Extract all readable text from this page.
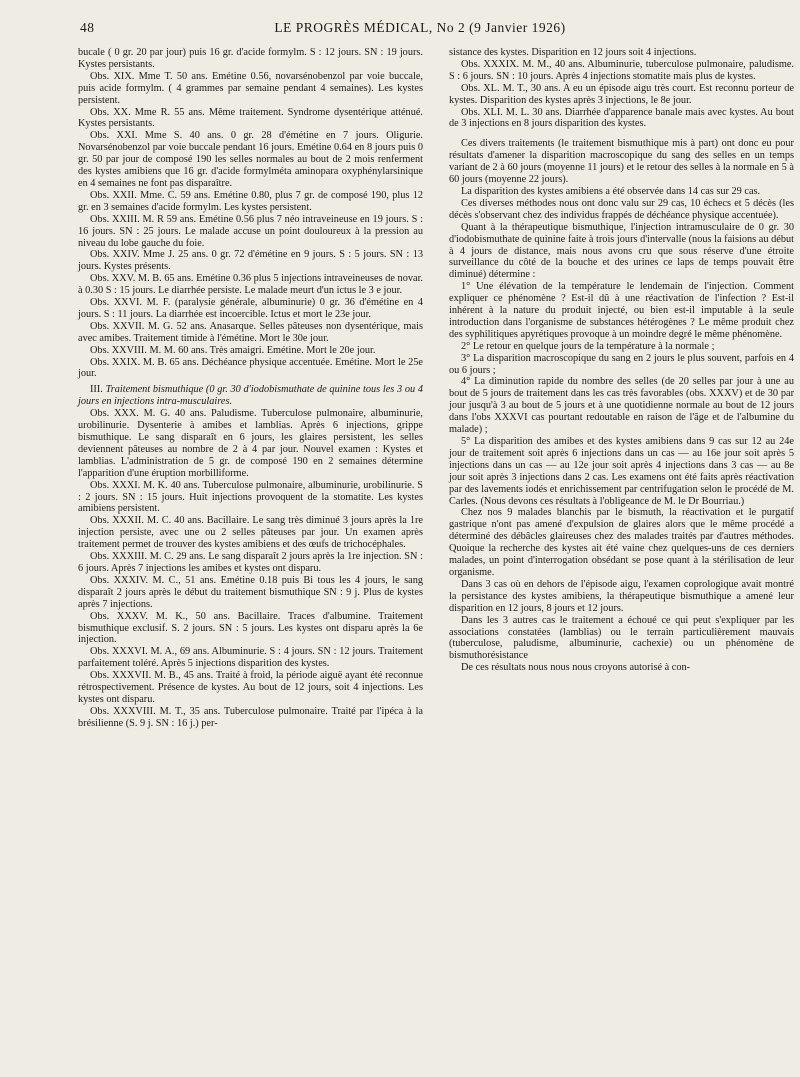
48	LE PROGRÈS MÉDICAL, No 2 (9 Janvier 1926)

bucale ( 0 gr. 20 par jour) puis 16 gr. d'acide formylm. S : 12 jours. SN : 19 jours. Kystes persistants.

Obs. XIX. Mme T. 50 ans. Emétine 0.56, novarsénobenzol par voie buccale, puis acide formylm. ( 4 grammes par semaine pendant 4 semaines). Les kystes persistent.

Obs. XX. Mme R. 55 ans. Même traitement. Syndrome dysentérique atténué. Kystes persistants.

Obs. XXI. Mme S. 40 ans. 0 gr. 28 d'émétine en 7 jours. Oligurie. Novarsénobenzol par voie buccale pendant 16 jours. Emétine 0.64 en 8 jours puis 0 gr. 50 par jour de composé 190 les selles normales au bout de 2 mois renferment des kystes amibiens que 16 gr. d'acide formylméta aminopara oxyphénylarsinique en 4 semaines ne font pas disparaître.

Obs. XXII. Mme. C. 59 ans. Emétine 0.80, plus 7 gr. de composé 190, plus 12 gr. en 3 semaines d'acide formylm. Les kystes persistent.

Obs. XXIII. M. R 59 ans. Emétine 0.56 plus 7 néo intraveineuse en 19 jours. S : 16 jours. SN : 25 jours. Le malade accuse un point douloureux à la pression au niveau du lobe gauche du foie.

Obs. XXIV. Mme J. 25 ans. 0 gr. 72 d'émétine en 9 jours. S : 5 jours. SN : 13 jours. Kystes présents.

Obs. XXV. M. B. 65 ans. Emétine 0.36 plus 5 injections intraveineuses de novar. à 0.30 S : 15 jours. Le diarrhée persiste. Le malade meurt d'un ictus le 3 e jour.

Obs. XXVI. M. F. (paralysie générale, albuminurie) 0 gr. 36 d'émétine en 4 jours. S : 11 jours. La diarrhée est incoercible. Ictus et mort le 23e jour.

Obs. XXVII. M. G. 52 ans. Anasarque. Selles pâteuses non dysentérique, mais avec amibes. Traitement timide à l'émétine. Mort le 30e jour.

Obs. XXVIII. M. M. 60 ans. Très amaigri. Emétine. Mort le 20e jour.

Obs. XXIX. M. B. 65 ans. Déchéance physique accentuée. Emétine. Mort le 25e jour.

III. Traitement bismuthique (0 gr. 30 d'iodobismuthate de quinine tous les 3 ou 4 jours en injections intra-musculaires.

Obs. XXX. M. G. 40 ans. Paludisme. Tuberculose pulmonaire, albuminurie, urobilinurie. Dysenterie à amibes et lamblias. Après 6 injections, grippe bismuthique. Le sang disparaît en 6 jours, les glaires persistent, les selles deviennent pâteuses au nombre de 2 à 4 par jour. Nouvel examen : Kystes et lamblias. L'administration de 5 gr. de composé 190 en 2 semaines détermine l'apparition d'une éruption morbilliforme.

Obs. XXXI. M. K. 40 ans. Tuberculose pulmonaire, albuminurie, urobilinurie. S : 2 jours. SN : 15 jours. Huit injections provoquent de la stomatite. Les kystes amibiens persistent.

Obs. XXXII. M. C. 40 ans. Bacillaire. Le sang très diminué 3 jours après la 1re injection persiste, avec une ou 2 selles pâteuses par jour. Un examen après traitement permet de trouver des kystes amibiens et des œufs de trichocéphales.

Obs. XXXIII. M. C. 29 ans. Le sang disparaît 2 jours après la 1re injection. SN : 6 jours. Après 7 injections les amibes et kystes ont disparu.

Obs. XXXIV. M. C., 51 ans. Emétine 0.18 puis Bi tous les 4 jours, le sang disparaît 2 jours après le début du traitement bismuthique SN : 9 j. Plus de kystes après 7 injections.

Obs. XXXV. M. K., 50 ans. Bacillaire. Traces d'albumine. Traitement bismuthique exclusif. S. 2 jours. SN : 5 jours. Les kystes ont disparu après la 6e injection.

Obs. XXXVI. M. A., 69 ans. Albuminurie. S : 4 jours. SN : 12 jours. Traitement parfaitement toléré. Après 5 injections disparition des kystes.

Obs. XXXVII. M. B., 45 ans. Traité à froid, la période aiguë ayant été reconnue rétrospectivement. Présence de kystes. Au bout de 12 jours, soit 4 injections. Les kystes ont disparu.

Obs. XXXVIII. M. T., 35 ans. Tuberculose pulmonaire. Traité par l'ipéca à la brésilienne (S. 9 j. SN : 16 j.) per-

sistance des kystes. Disparition en 12 jours soit 4 injections.

Obs. XXXIX. M. M., 40 ans. Albuminurie, tuberculose pulmonaire, paludisme. S : 6 jours. SN : 10 jours. Après 4 injections stomatite mais plus de kystes.

Obs. XL. M. T., 30 ans. A eu un épisode aigu très court. Est reconnu porteur de kystes. Disparition des kystes après 3 injections, le 8e jour.

Obs. XLI. M. L. 30 ans. Diarrhée d'apparence banale mais avec kystes. Au bout de 3 injections en 8 jours disparition des kystes.

Ces divers traitements (le traitement bismuthique mis à part) ont donc eu pour résultats d'amener la disparition macroscopique du sang des selles en un temps variant de 2 à 60 jours (moyenne 11 jours) et le retour des selles à la normale en 5 à 60 jours (moyenne 22 jours).

La disparition des kystes amibiens a été observée dans 14 cas sur 29 cas.

Ces diverses méthodes nous ont donc valu sur 29 cas, 10 échecs et 5 décès (les décès s'observant chez des individus frappés de déchéance physique accentuée).

Quant à la thérapeutique bismuthique, l'injection intramusculaire de 0 gr. 30 d'iodobismuthate de quinine faite à trois jours d'intervalle (nous la faisions au début à 4 jours de distance, mais nous avons cru que sous réserve d'une étroite surveillance du côté de la bouche et des urines ce laps de temps pouvait être diminué) détermine :

1° Une élévation de la température le lendemain de l'injection. Comment expliquer ce phénomène ? Est-il dû à une réactivation de l'infection ? Est-il inhérent à la nature du produit injecté, ou bien est-il imputable à la seule introduction dans l'organisme de substances hétérogènes ? Le même produit chez des syphilitiques apyrétiques provoque à un moindre degré le même phénomène.

2° Le retour en quelque jours de la température à la normale ;

3° La disparition macroscopique du sang en 2 jours le plus souvent, parfois en 4 ou 6 jours ;

4° La diminution rapide du nombre des selles (de 20 selles par jour à une au bout de 5 jours de traitement dans les cas très favorables (obs. XXXV) et de 30 par jour jusqu'à 3 au bout de 5 jours et à une quotidienne normale au bout de 12 jours dans l'obs XXXVI cas pourtant redoutable en raison de l'âge et de l'albumine du malade) ;

5° La disparition des amibes et des kystes amibiens dans 9 cas sur 12 au 24e jour de traitement soit après 6 injections dans un cas — au 16e jour soit après 5 injections dans un cas — au 12e jour soit après 4 injections dans 3 cas — au 8e jour soit après 3 injections dans 2 cas. Les examens ont été faits après réactivation par des lavements iodés et enrichissement par centrifugation selon le procédé de M. Carles. (Nous devons ces résultats à l'obligeance de M. le Dr Bourriau.)

Chez nos 9 malades blanchis par le bismuth, la réactivation et le purgatif gastrique n'ont pas amené d'expulsion de glaires alors que le même procédé a déterminé des débâcles glaireuses chez des malades traités par d'autres méthodes. Quoique la recherche des kystes ait été vaine chez quelques-uns de ces derniers malades, un point d'interrogation obsédant se pose quant à la stérilisation de leur organisme.

Dans 3 cas où en dehors de l'épisode aigu, l'examen coprologique avait montré la persistance des kystes amibiens, la thérapeutique bismuthique a amené leur disparition en 12 jours, 8 jours et 12 jours.

Dans les 3 autres cas le traitement a échoué ce qui peut s'expliquer par les associations constatées (lamblias) ou le terrain particulièrement mauvais (tuberculose, paludisme, albuminurie, cachexie) ou un phénomène de bismuthorésistance

De ces résultats nous nous nous croyons autorisé à con-
